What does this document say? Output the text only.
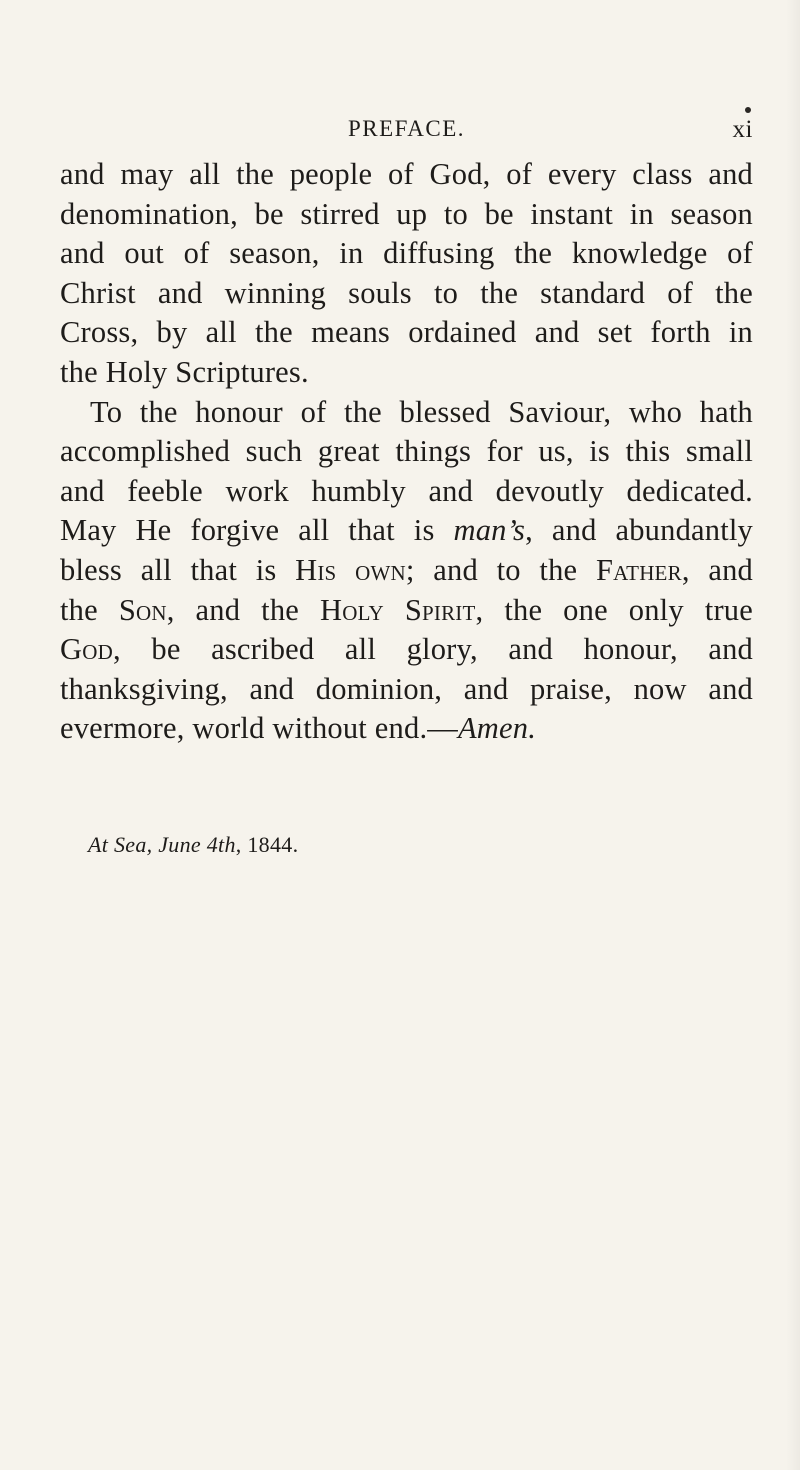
PREFACE.	xi
and may all the people of God, of every class and
denomination, be stirred up to be instant in season
and out of season, in diffusing the knowledge of
Christ and winning souls to the standard of the
Cross, by all the means ordained and set forth in
the Holy Scriptures.
To the honour of the blessed Saviour, who hath
accomplished such great things for us, is this small
and feeble work humbly and devoutly dedicated.
May He forgive all that is man’s, and abundantly
bless all that is His own; and to the Father, and
the Son, and the Holy Spirit, the one only true
God, be ascribed all glory, and honour, and
thanksgiving, and dominion, and praise, now and
evermore, world without end.—Amen.
At Sea, June 4th, 1844.
